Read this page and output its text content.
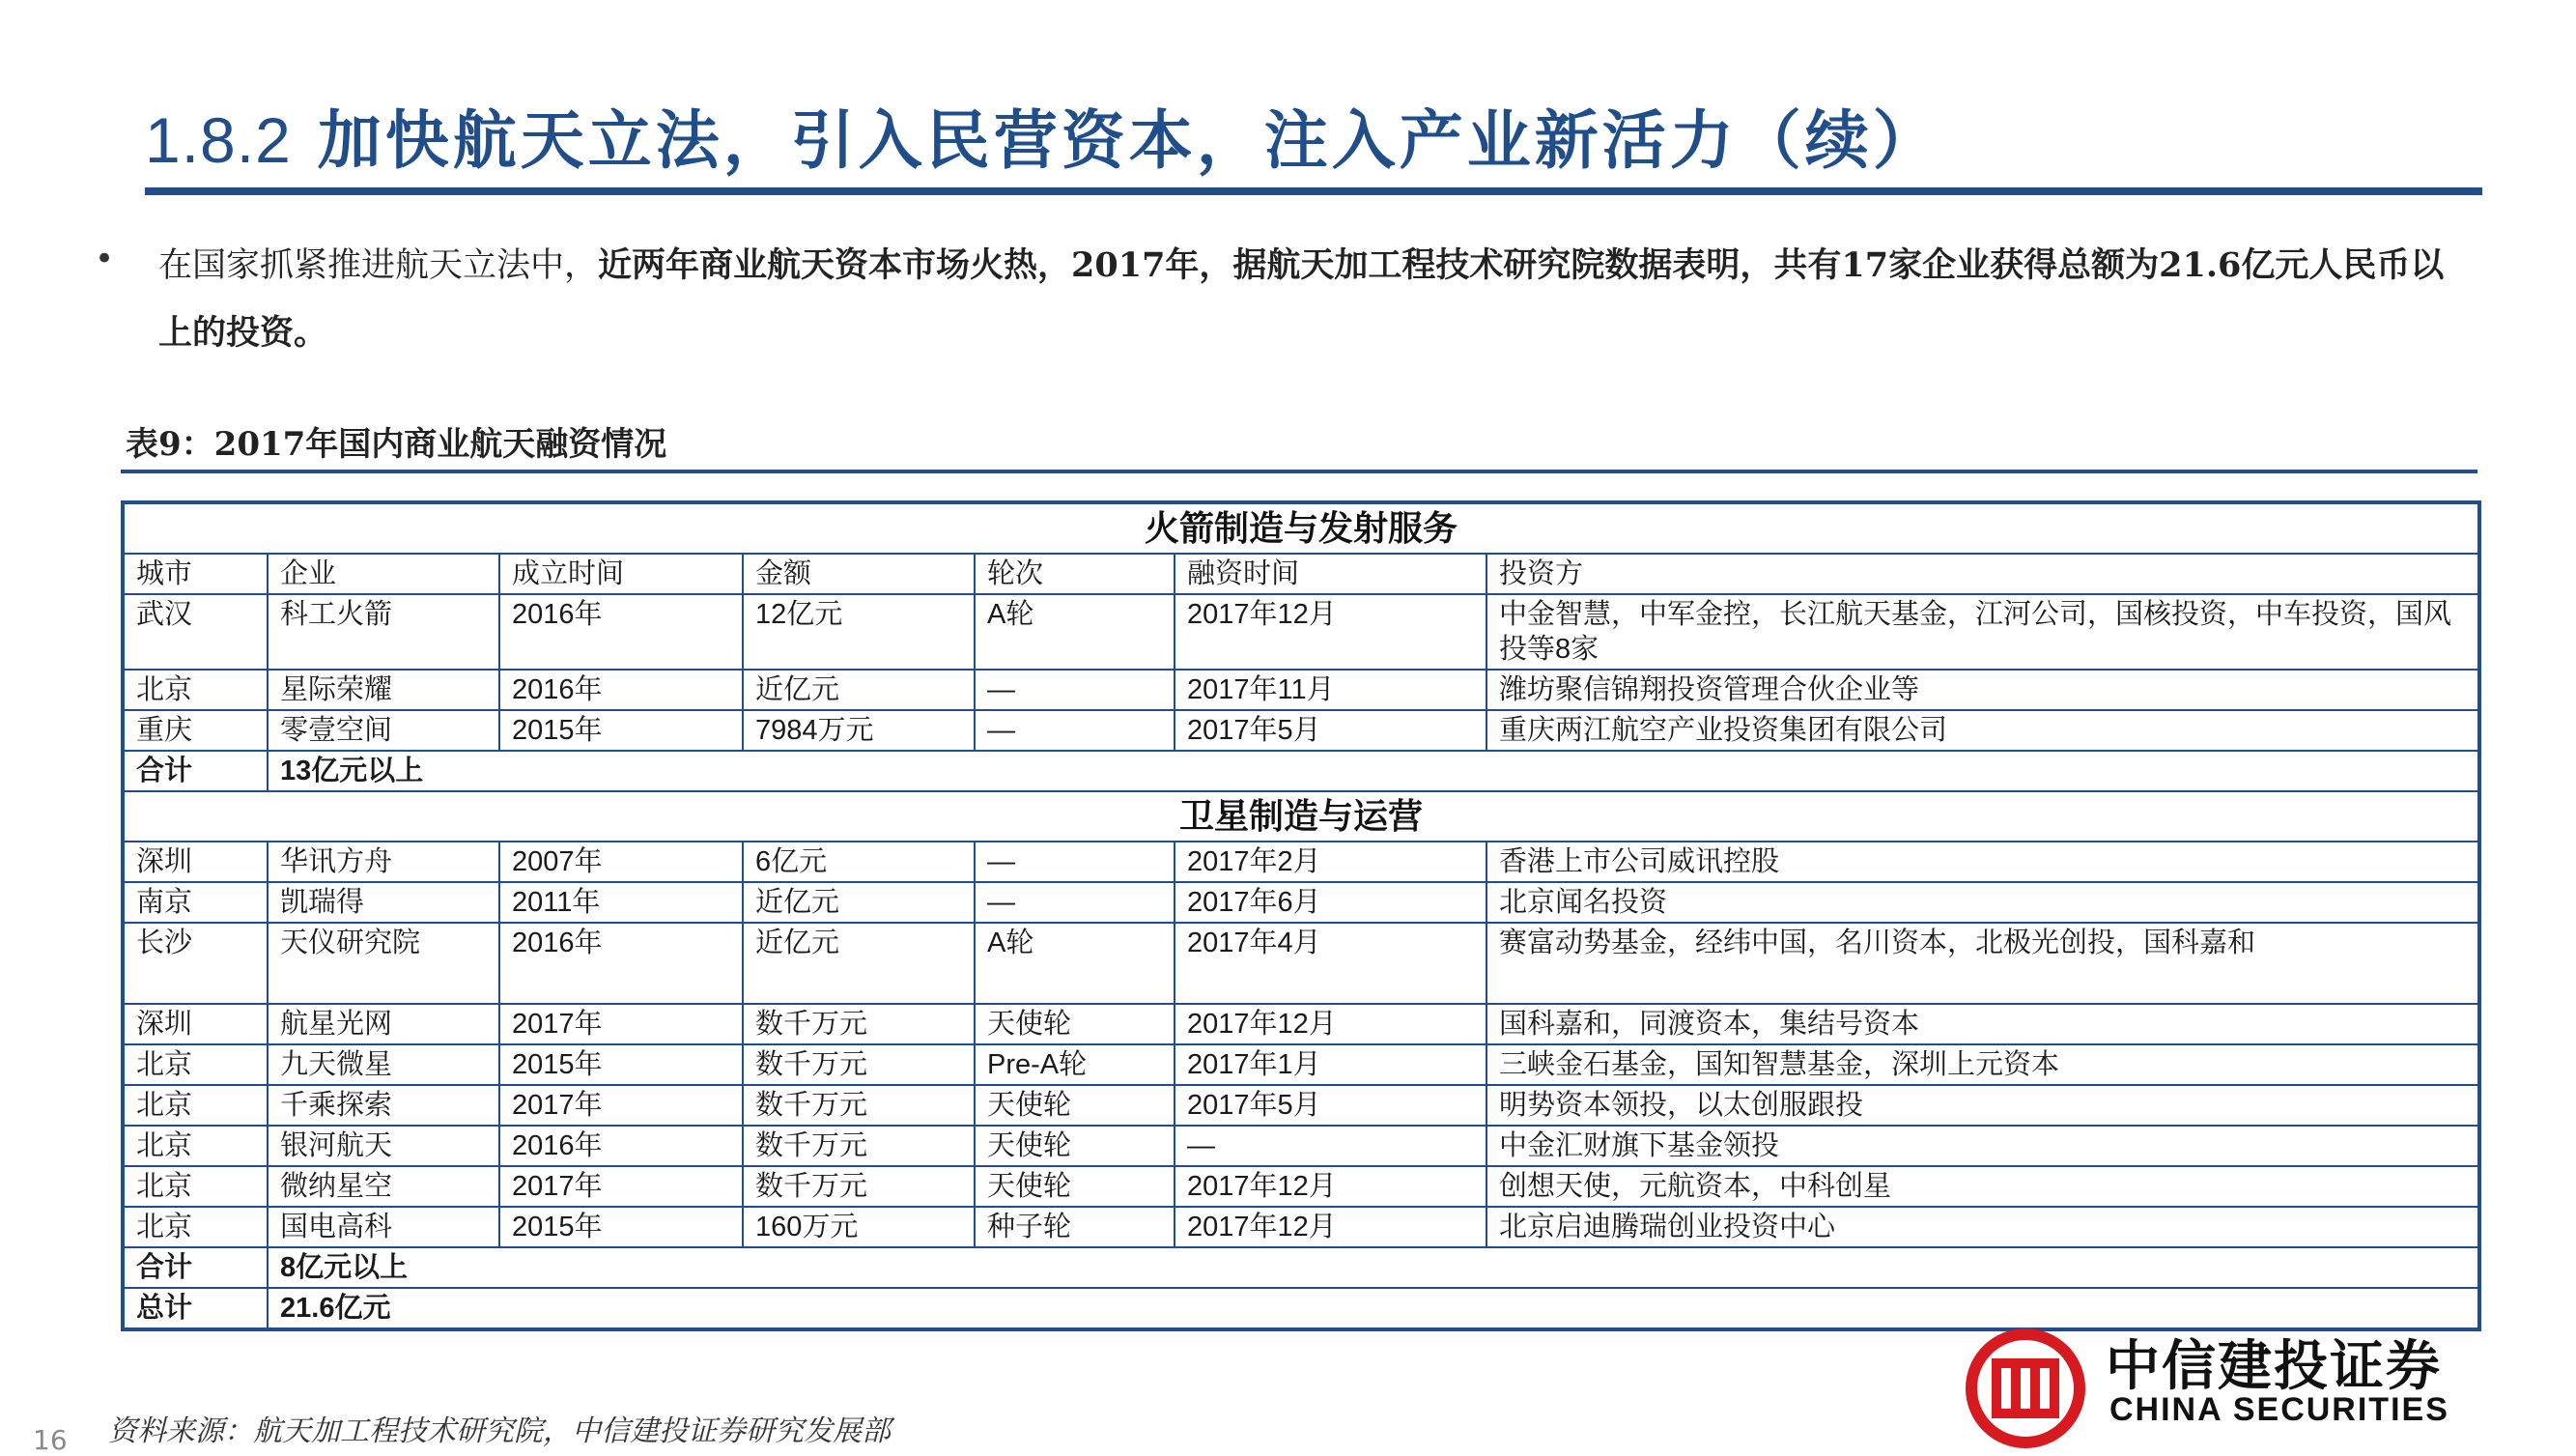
1.8.2 加快航天立法，引入民营资本，注入产业新活力（续）
• 在国家抓紧推进航天立法中，近两年商业航天资本市场火热，2017年，据航天加工程技术研究院数据表明，共有17家企业获得总额为21.6亿元人民币以上的投资。

表9：2017年国内商业航天融资情况

火箭制造与发射服务						
城市	企业	成立时间	金额	轮次	融资时间	投资方
武汉	科工火箭	2016年	12亿元	A轮	2017年12月	中金智慧，中军金控，长江航天基金，江河公司，国核投资，中车投资，国风投等8家
北京	星际荣耀	2016年	近亿元	—	2017年11月	潍坊聚信锦翔投资管理合伙企业等
重庆	零壹空间	2015年	7984万元	—	2017年5月	重庆两江航空产业投资集团有限公司
合计	13亿元以上					
卫星制造与运营						
深圳	华讯方舟	2007年	6亿元	—	2017年2月	香港上市公司威讯控股
南京	凯瑞得	2011年	近亿元	—	2017年6月	北京闻名投资
长沙	天仪研究院	2016年	近亿元	A轮	2017年4月	赛富动势基金，经纬中国，名川资本，北极光创投，国科嘉和
深圳	航星光网	2017年	数千万元	天使轮	2017年12月	国科嘉和，同渡资本，集结号资本
北京	九天微星	2015年	数千万元	Pre-A轮	2017年1月	三峡金石基金，国知智慧基金，深圳上元资本
北京	千乘探索	2017年	数千万元	天使轮	2017年5月	明势资本领投，以太创服跟投
北京	银河航天	2016年	数千万元	天使轮	—	中金汇财旗下基金领投
北京	微纳星空	2017年	数千万元	天使轮	2017年12月	创想天使，元航资本，中科创星
北京	国电高科	2015年	160万元	种子轮	2017年12月	北京启迪腾瑞创业投资中心
合计	8亿元以上					
总计	21.6亿元					

资料来源：航天加工程技术研究院，中信建投证券研究发展部

16

中信建投证券

CHINA SECURITIES
